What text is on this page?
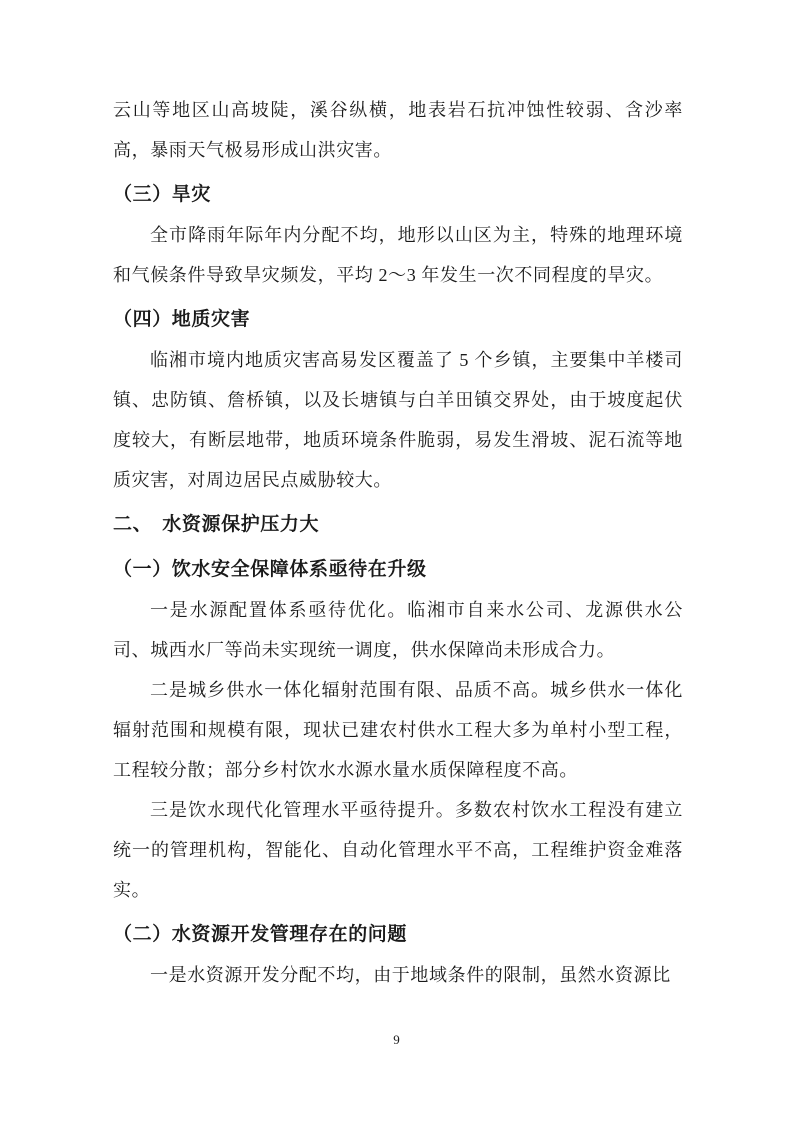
云山等地区山高坡陡，溪谷纵横，地表岩石抗冲蚀性较弱、含沙率高，暴雨天气极易形成山洪灾害。

（三）旱灾

全市降雨年际年内分配不均，地形以山区为主，特殊的地理环境和气候条件导致旱灾频发，平均 2～3 年发生一次不同程度的旱灾。

（四）地质灾害

临湘市境内地质灾害高易发区覆盖了 5 个乡镇，主要集中羊楼司镇、忠防镇、詹桥镇，以及长塘镇与白羊田镇交界处，由于坡度起伏度较大，有断层地带，地质环境条件脆弱，易发生滑坡、泥石流等地质灾害，对周边居民点威胁较大。

二、　水资源保护压力大
（一）饮水安全保障体系亟待在升级

一是水源配置体系亟待优化。临湘市自来水公司、龙源供水公司、城西水厂等尚未实现统一调度，供水保障尚未形成合力。

二是城乡供水一体化辐射范围有限、品质不高。城乡供水一体化辐射范围和规模有限，现状已建农村供水工程大多为单村小型工程，工程较分散；部分乡村饮水水源水量水质保障程度不高。

三是饮水现代化管理水平亟待提升。多数农村饮水工程没有建立统一的管理机构，智能化、自动化管理水平不高，工程维护资金难落实。

（二）水资源开发管理存在的问题

一是水资源开发分配不均，由于地域条件的限制，虽然水资源比

9
